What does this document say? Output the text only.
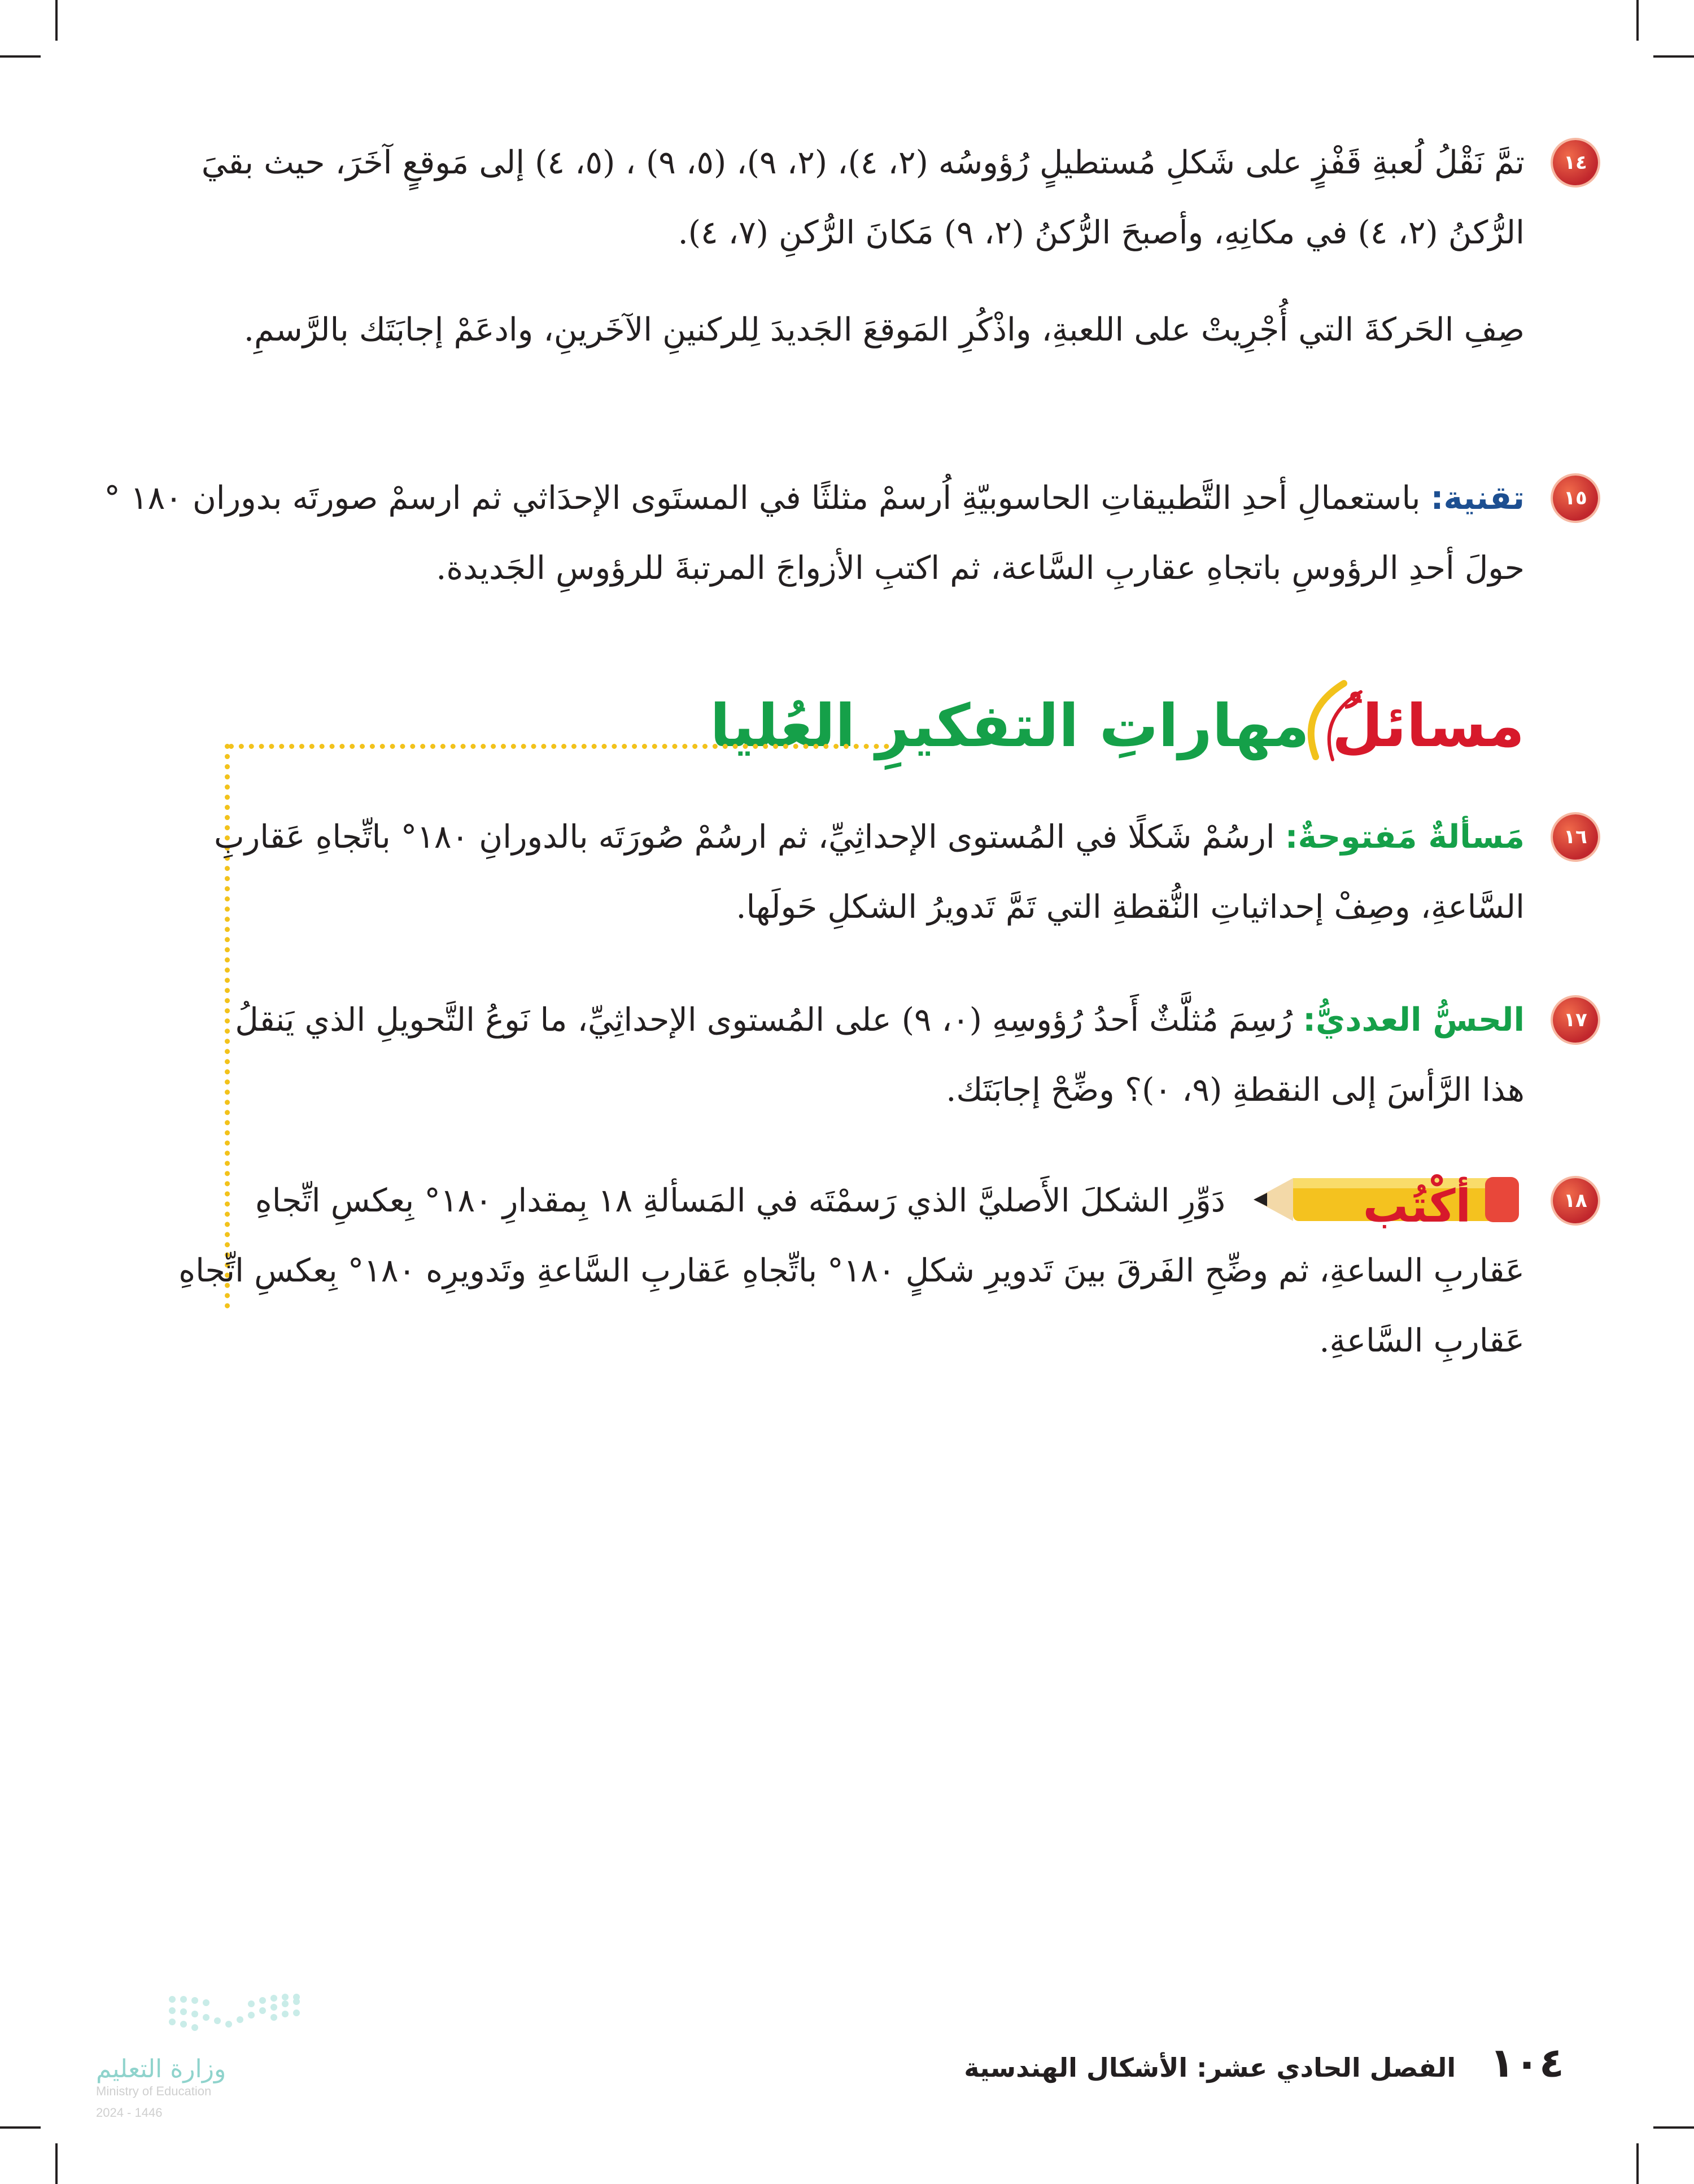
١٤
تمَّ نَقْلُ لُعبةِ قَفْزٍ على شَكلِ مُستطيلٍ رُؤوسُه (٢، ٤)، (٢، ٩)، (٥، ٩) ، (٥، ٤) إلى مَوقعٍ آخَرَ، حيث بقيَ
الرُّكنُ (٢، ٤) في مكانِهِ، وأصبحَ الرُّكنُ (٢، ٩) مَكانَ الرُّكنِ (٧، ٤).
صِفِ الحَركةَ التي أُجْرِيتْ على اللعبةِ، واذْكُرِ المَوقعَ الجَديدَ لِلركنينِ الآخَرينِ، وادعَمْ إجابَتَك بالرَّسمِ.
١٥
تقنية: باستعمالِ أحدِ التَّطبيقاتِ الحاسوبيّةِ اُرسمْ مثلثًا في المستَوى الإحدَاثي ثم ارسمْ صورتَه بدوران ١٨٠ °
حولَ أحدِ الرؤوسِ باتجاهِ عقاربِ السَّاعة، ثم اكتبِ الأزواجَ المرتبةَ للرؤوسِ الجَديدة.
مسائلُ
مهاراتِ التفكيرِ العُليا
١٦
مَسألةٌ مَفتوحةٌ: ارسُمْ شَكلًا في المُستوى الإحداثِيِّ، ثم ارسُمْ صُورَتَه بالدورانِ ١٨٠° باتِّجاهِ عَقاربِ
السَّاعةِ، وصِفْ إحداثياتِ النُّقطةِ التي تَمَّ تَدويرُ الشكلِ حَولَها.
١٧
الحسُّ العدديُّ: رُسِمَ مُثلَّثٌ أَحدُ رُؤوسِهِ (٠، ٩) على المُستوى الإحداثِيِّ، ما نَوعُ التَّحويلِ الذي يَنقلُ
هذا الرَّأسَ إلى النقطةِ (٩، ٠)؟ وضِّحْ إجابَتَك.
١٨
أكْتُب
دَوِّرِ الشكلَ الأَصليَّ الذي رَسمْتَه في المَسألةِ ١٨ بِمقدارِ ١٨٠° بِعكسِ اتِّجاهِ
عَقاربِ الساعةِ، ثم وضِّحِ الفَرقَ بينَ تَدويرِ شكلٍ ١٨٠° باتِّجاهِ عَقاربِ السَّاعةِ وتَدويرِه ١٨٠° بِعكسِ اتِّجاهِ
عَقاربِ السَّاعةِ.
١٠٤
الفصل الحادي عشر: الأشكال الهندسية
وزارة التعليم
Ministry of Education
2024 - 1446
